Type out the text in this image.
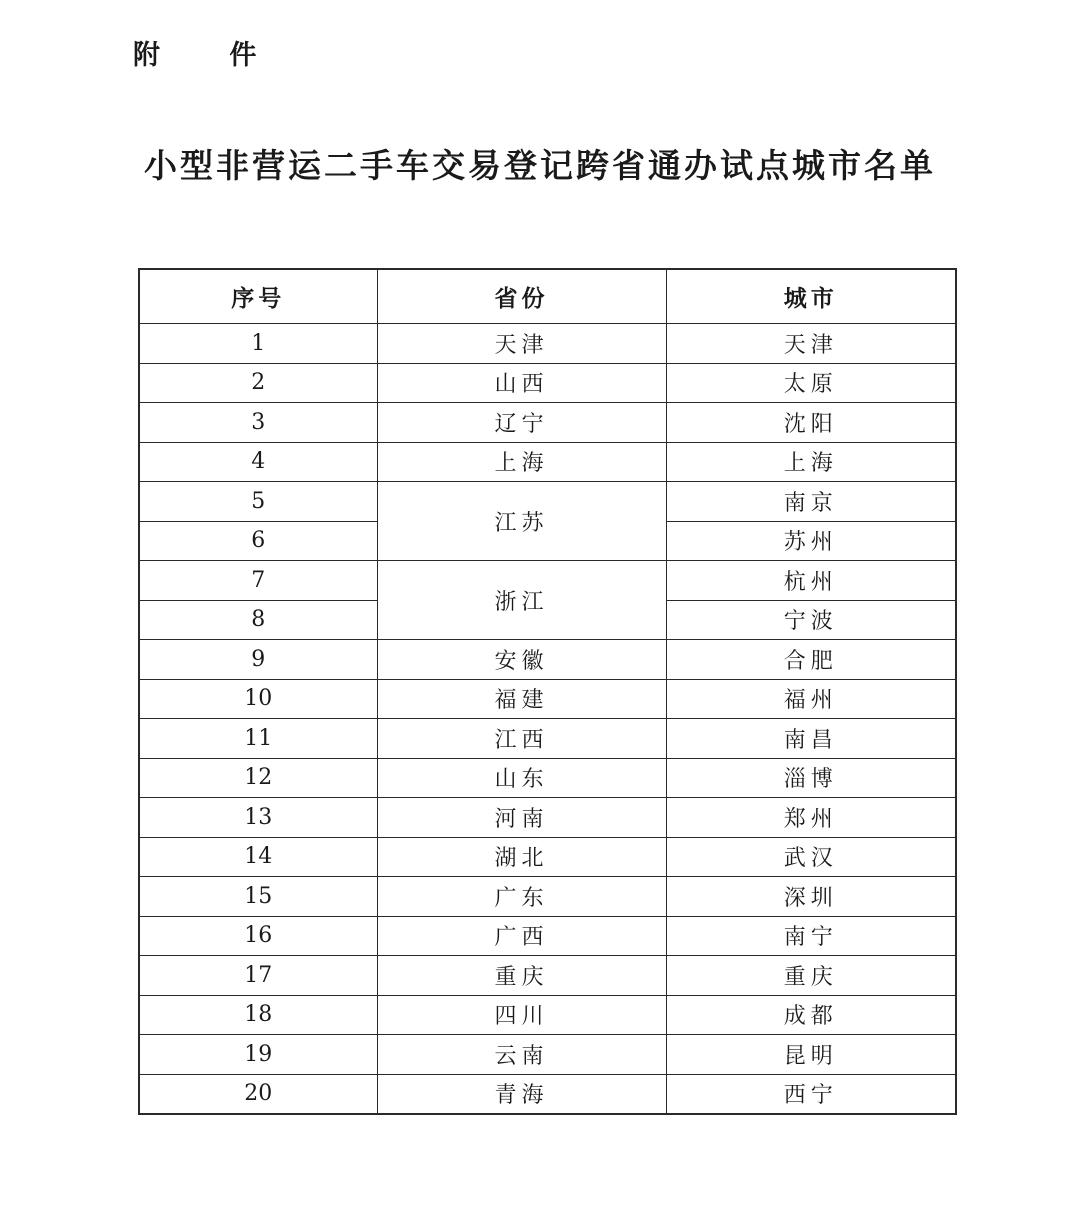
附 件
小型非营运二手车交易登记跨省通办试点城市名单
序号	省份	城市
1	天津	天津
2	山西	太原
3	辽宁	沈阳
4	上海	上海
5	江苏	南京
6		苏州
7	浙江	杭州
8		宁波
9	安徽	合肥
10	福建	福州
11	江西	南昌
12	山东	淄博
13	河南	郑州
14	湖北	武汉
15	广东	深圳
16	广西	南宁
17	重庆	重庆
18	四川	成都
19	云南	昆明
20	青海	西宁
